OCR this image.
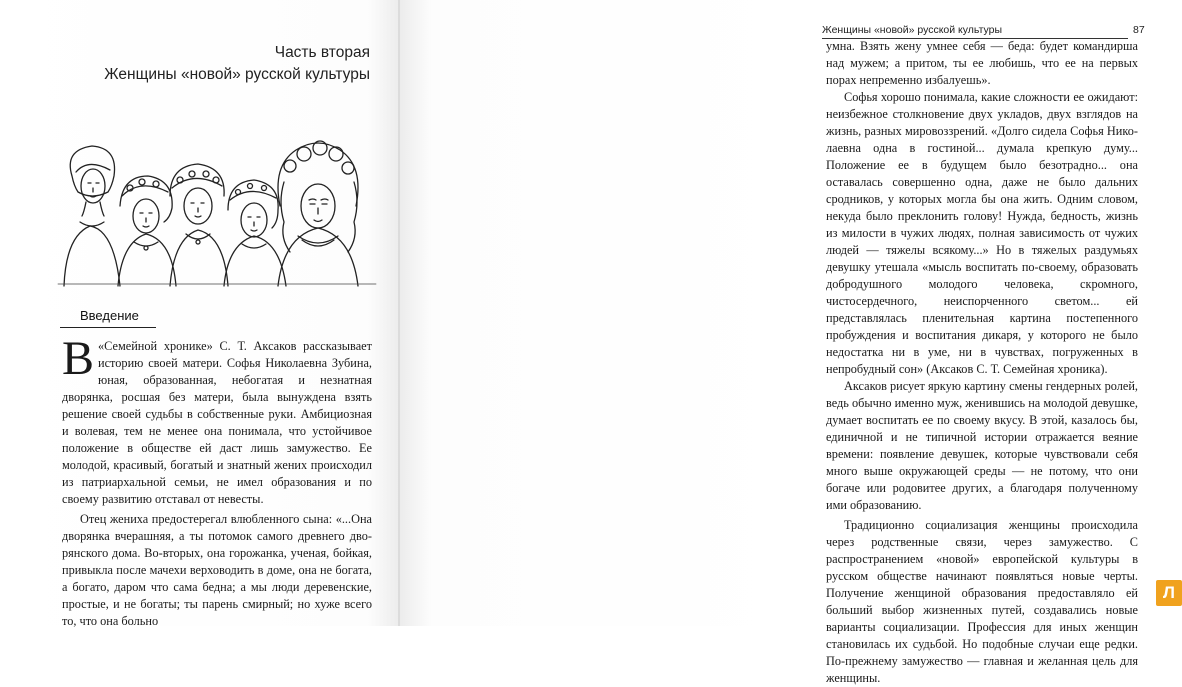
Часть вторая
Женщины «новой» русской культуры
Введение

В «Семейной хронике» С. Т. Аксаков рассказывает историю своей матери. Софья Николаевна Зубина, юная, образованная, небогатая и незнатная дворянка, росшая без матери, была вынуждена взять решение своей судьбы в собственные руки. Амбициозная и волевая, тем не менее она понимала, что устойчивое положение в обществе ей даст лишь замужество. Ее молодой, красивый, богатый и знатный жених происходил из патриархальной семьи, не имел образования и по своему развитию отставал от невесты.

Отец жениха предостерегал влюбленного сына: «...Она дворянка вчерашняя, а ты потомок самого древнего дворянского дома. Во-вторых, она горожанка, ученая, бойкая, привыкла после мачехи верховодить в доме, она не богата, а богато, даром что сама бедна; а мы люди деревенские, простые, и не богаты; ты парень смирный; но хуже всего то, что она больно

Женщины «новой» русской культуры	87

умна. Взять жену умнее себя — беда: будет командирша над мужем; а притом, ты ее любишь, что ее на первых порах непременно избалуешь».

Софья хорошо понимала, какие сложности ее ожидают: неизбежное столкновение двух укладов, двух взглядов на жизнь, разных мировоззрений. «Долго сидела Софья Николаевна одна в гостиной... думала крепкую думу... Положение ее в будущем было безотрадно... она оставалась совершенно одна, даже не было дальних сродников, у которых могла бы она жить. Одним словом, некуда было преклонить голову! Нужда, бедность, жизнь из милости в чужих людях, полная зависимость от чужих людей — тяжелы всякому...» Но в тяжелых раздумьях девушку утешала «мысль воспитать по-своему, образовать добродушного молодого человека, скромного, чистосердечного, неиспорченного светом... ей представлялась пленительная картина постепенного пробуждения и воспитания дикаря, у которого не было недостатка ни в уме, ни в чувствах, погруженных в непробудный сон» (Аксаков С. Т. Семейная хроника).

Аксаков рисует яркую картину смены гендерных ролей, ведь обычно именно муж, женившись на молодой девушке, думает воспитать ее по своему вкусу. В этой, казалось бы, единичной и не типичной истории отражается веяние времени: появление девушек, которые чувствовали себя много выше окружающей среды — не потому, что они богаче или родовитее других, а благодаря полученному ими образованию.

Традиционно социализация женщины происходила через родственные связи, через замужество. С распространением «новой» европейской культуры в русском обществе начинают появляться новые черты. Получение женщиной образования предоставляло ей больший выбор жизненных путей, создавались новые варианты социализации. Профессия для иных женщин становилась их судьбой. Но подобные случаи еще редки. По-прежнему замужество — главная и желанная цель для женщины.

Л
